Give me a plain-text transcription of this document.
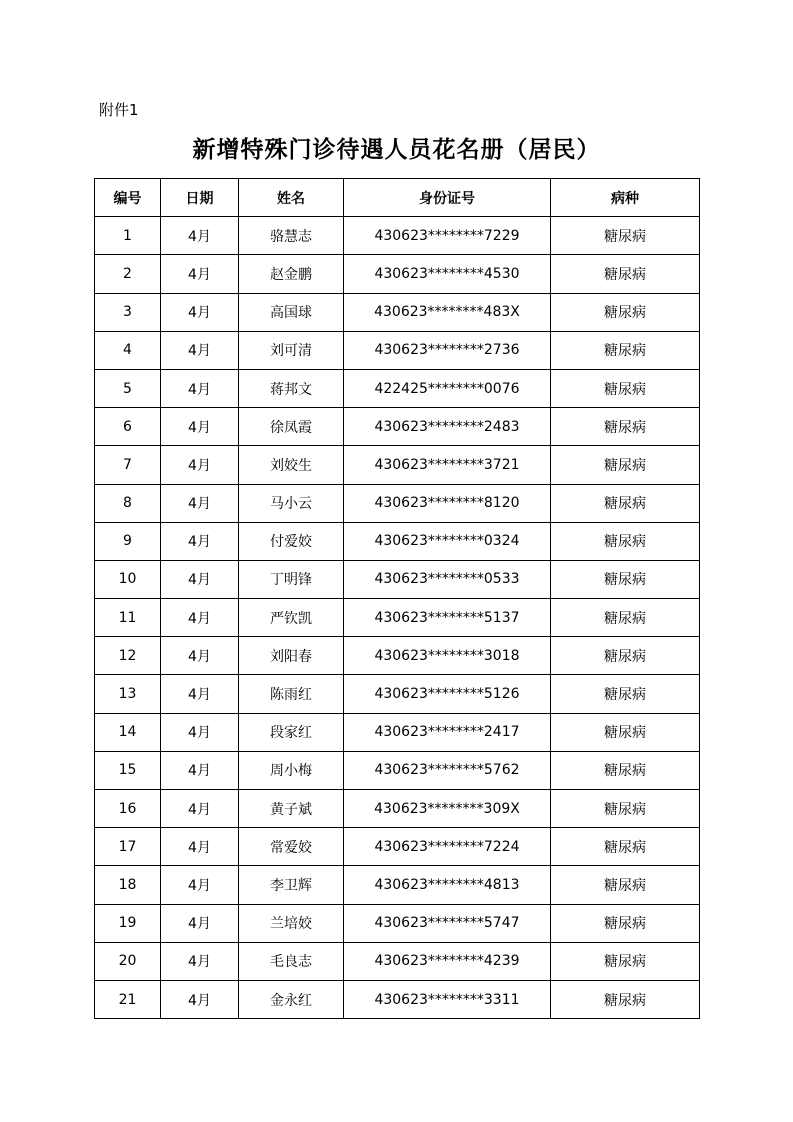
附件1
新增特殊门诊待遇人员花名册（居民）
编号	日期	姓名	身份证号	病种
1	4月	骆慧志	430623********7229	糖尿病
2	4月	赵金鹏	430623********4530	糖尿病
3	4月	高国球	430623********483X	糖尿病
4	4月	刘可清	430623********2736	糖尿病
5	4月	蒋邦文	422425********0076	糖尿病
6	4月	徐凤霞	430623********2483	糖尿病
7	4月	刘姣生	430623********3721	糖尿病
8	4月	马小云	430623********8120	糖尿病
9	4月	付爱姣	430623********0324	糖尿病
10	4月	丁明锋	430623********0533	糖尿病
11	4月	严钦凯	430623********5137	糖尿病
12	4月	刘阳春	430623********3018	糖尿病
13	4月	陈雨红	430623********5126	糖尿病
14	4月	段家红	430623********2417	糖尿病
15	4月	周小梅	430623********5762	糖尿病
16	4月	黄子斌	430623********309X	糖尿病
17	4月	常爱姣	430623********7224	糖尿病
18	4月	李卫辉	430623********4813	糖尿病
19	4月	兰培姣	430623********5747	糖尿病
20	4月	毛良志	430623********4239	糖尿病
21	4月	金永红	430623********3311	糖尿病
